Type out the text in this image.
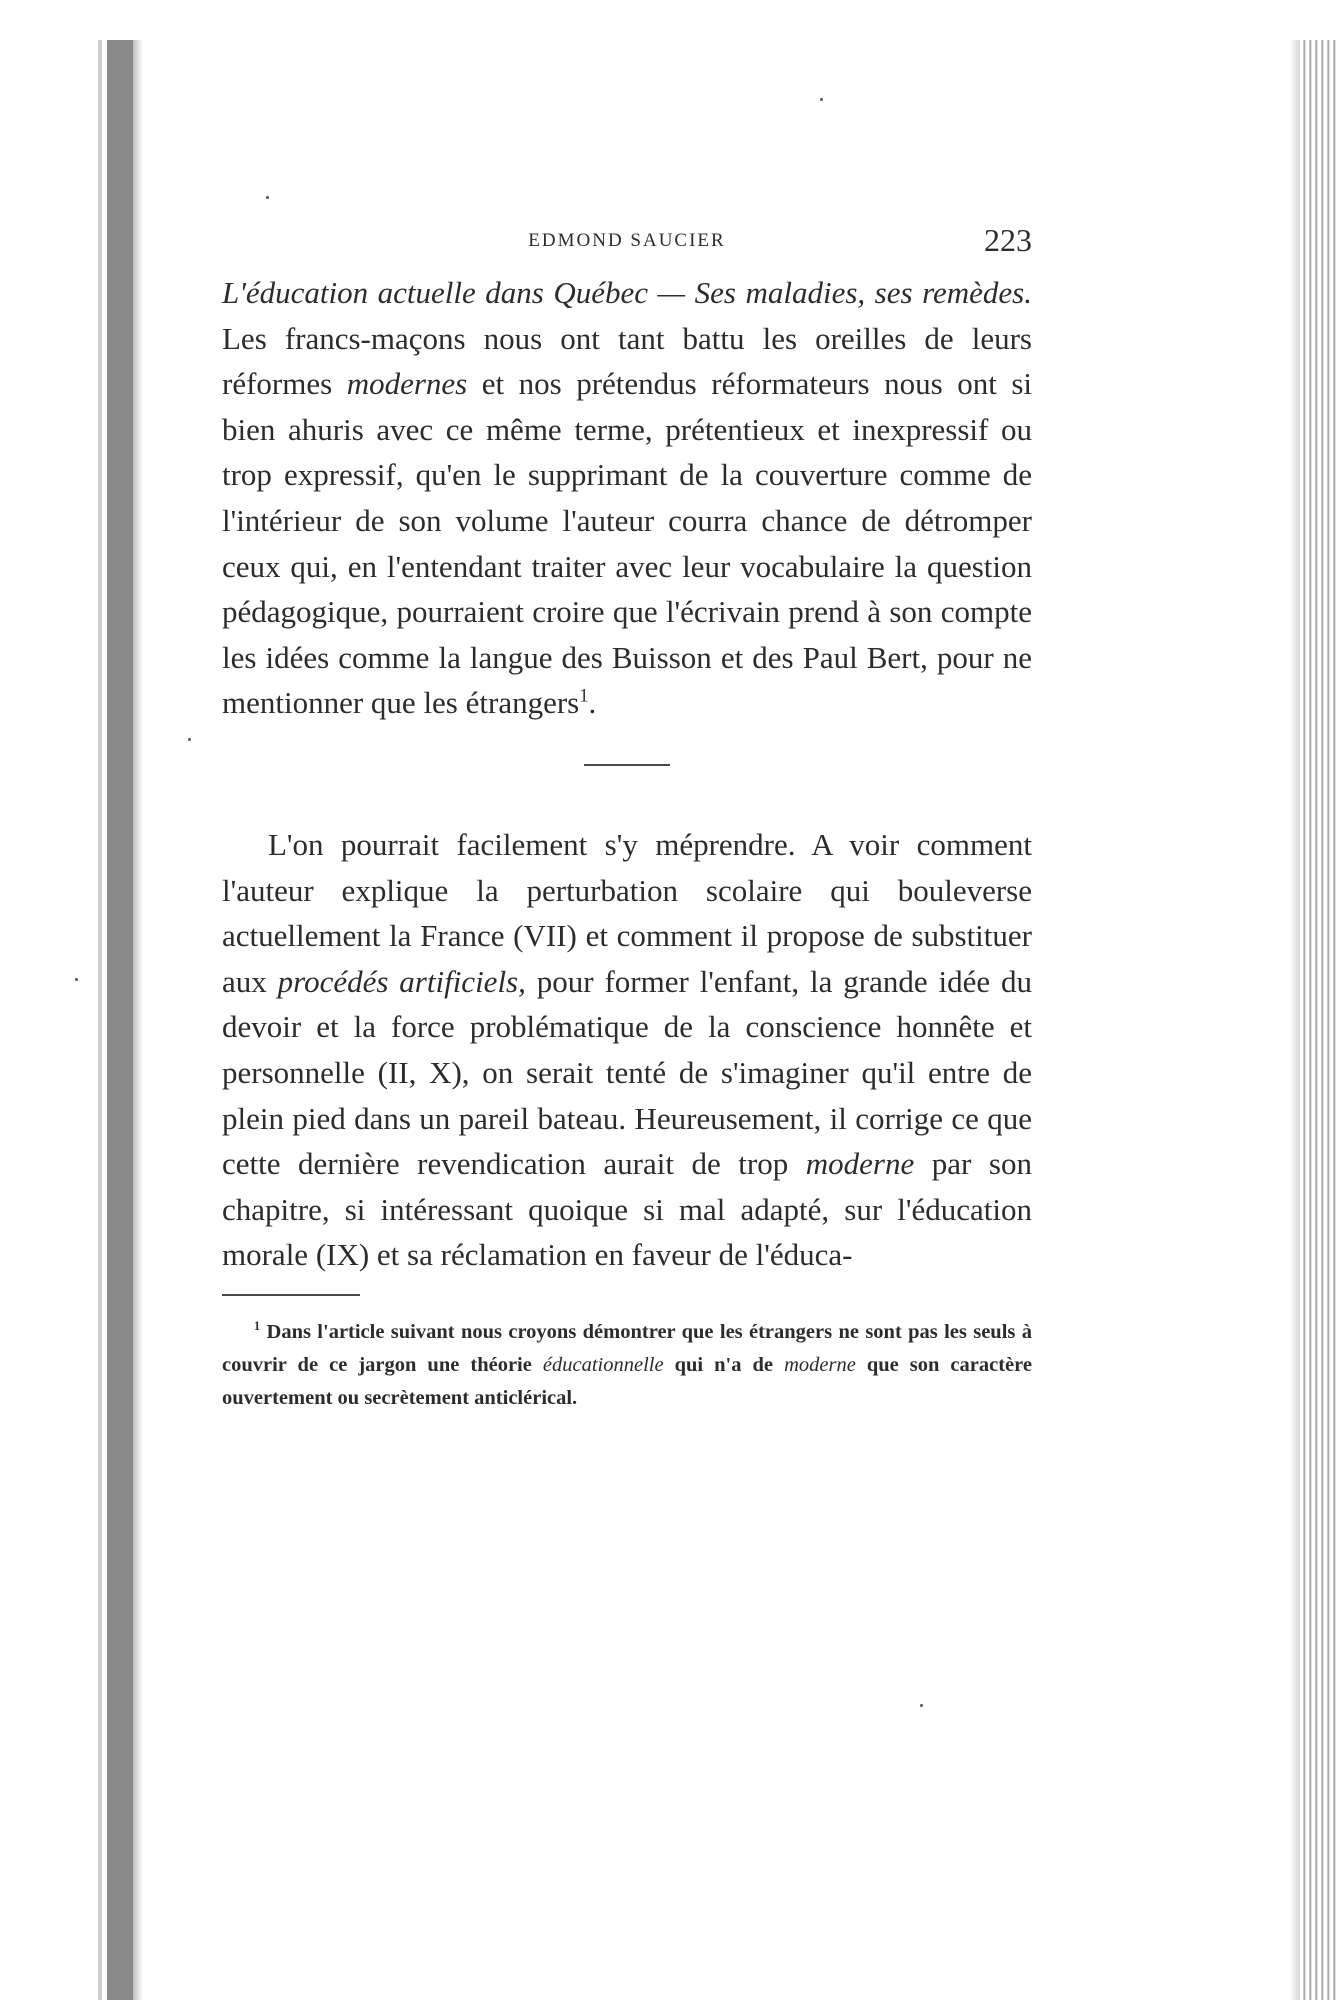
EDMOND SAUCIER	223

L'éducation actuelle dans Québec — Ses maladies, ses remèdes. Les francs-maçons nous ont tant battu les oreilles de leurs réformes modernes et nos prétendus réformateurs nous ont si bien ahuris avec ce même terme, prétentieux et inexpressif ou trop expressif, qu'en le supprimant de la couverture comme de l'intérieur de son volume l'auteur courra chance de détromper ceux qui, en l'entendant traiter avec leur vocabulaire la question pédagogique, pourraient croire que l'écrivain prend à son compte les idées comme la langue des Buisson et des Paul Bert, pour ne mentionner que les étrangers$^1$.

L'on pourrait facilement s'y méprendre. A voir comment l'auteur explique la perturbation scolaire qui bouleverse actuellement la France (VII) et comment il propose de substituer aux procédés artificiels, pour former l'enfant, la grande idée du devoir et la force problématique de la conscience honnête et personnelle (II, X), on serait tenté de s'imaginer qu'il entre de plein pied dans un pareil bateau. Heureusement, il corrige ce que cette dernière revendication aurait de trop moderne par son chapitre, si intéressant quoique si mal adapté, sur l'éducation morale (IX) et sa réclamation en faveur de l'éduca-

$^1$ Dans l'article suivant nous croyons démontrer que les étrangers ne sont pas les seuls à couvrir de ce jargon une théorie éducationnelle qui n'a de moderne que son caractère ouvertement ou secrètement anticlérical.
